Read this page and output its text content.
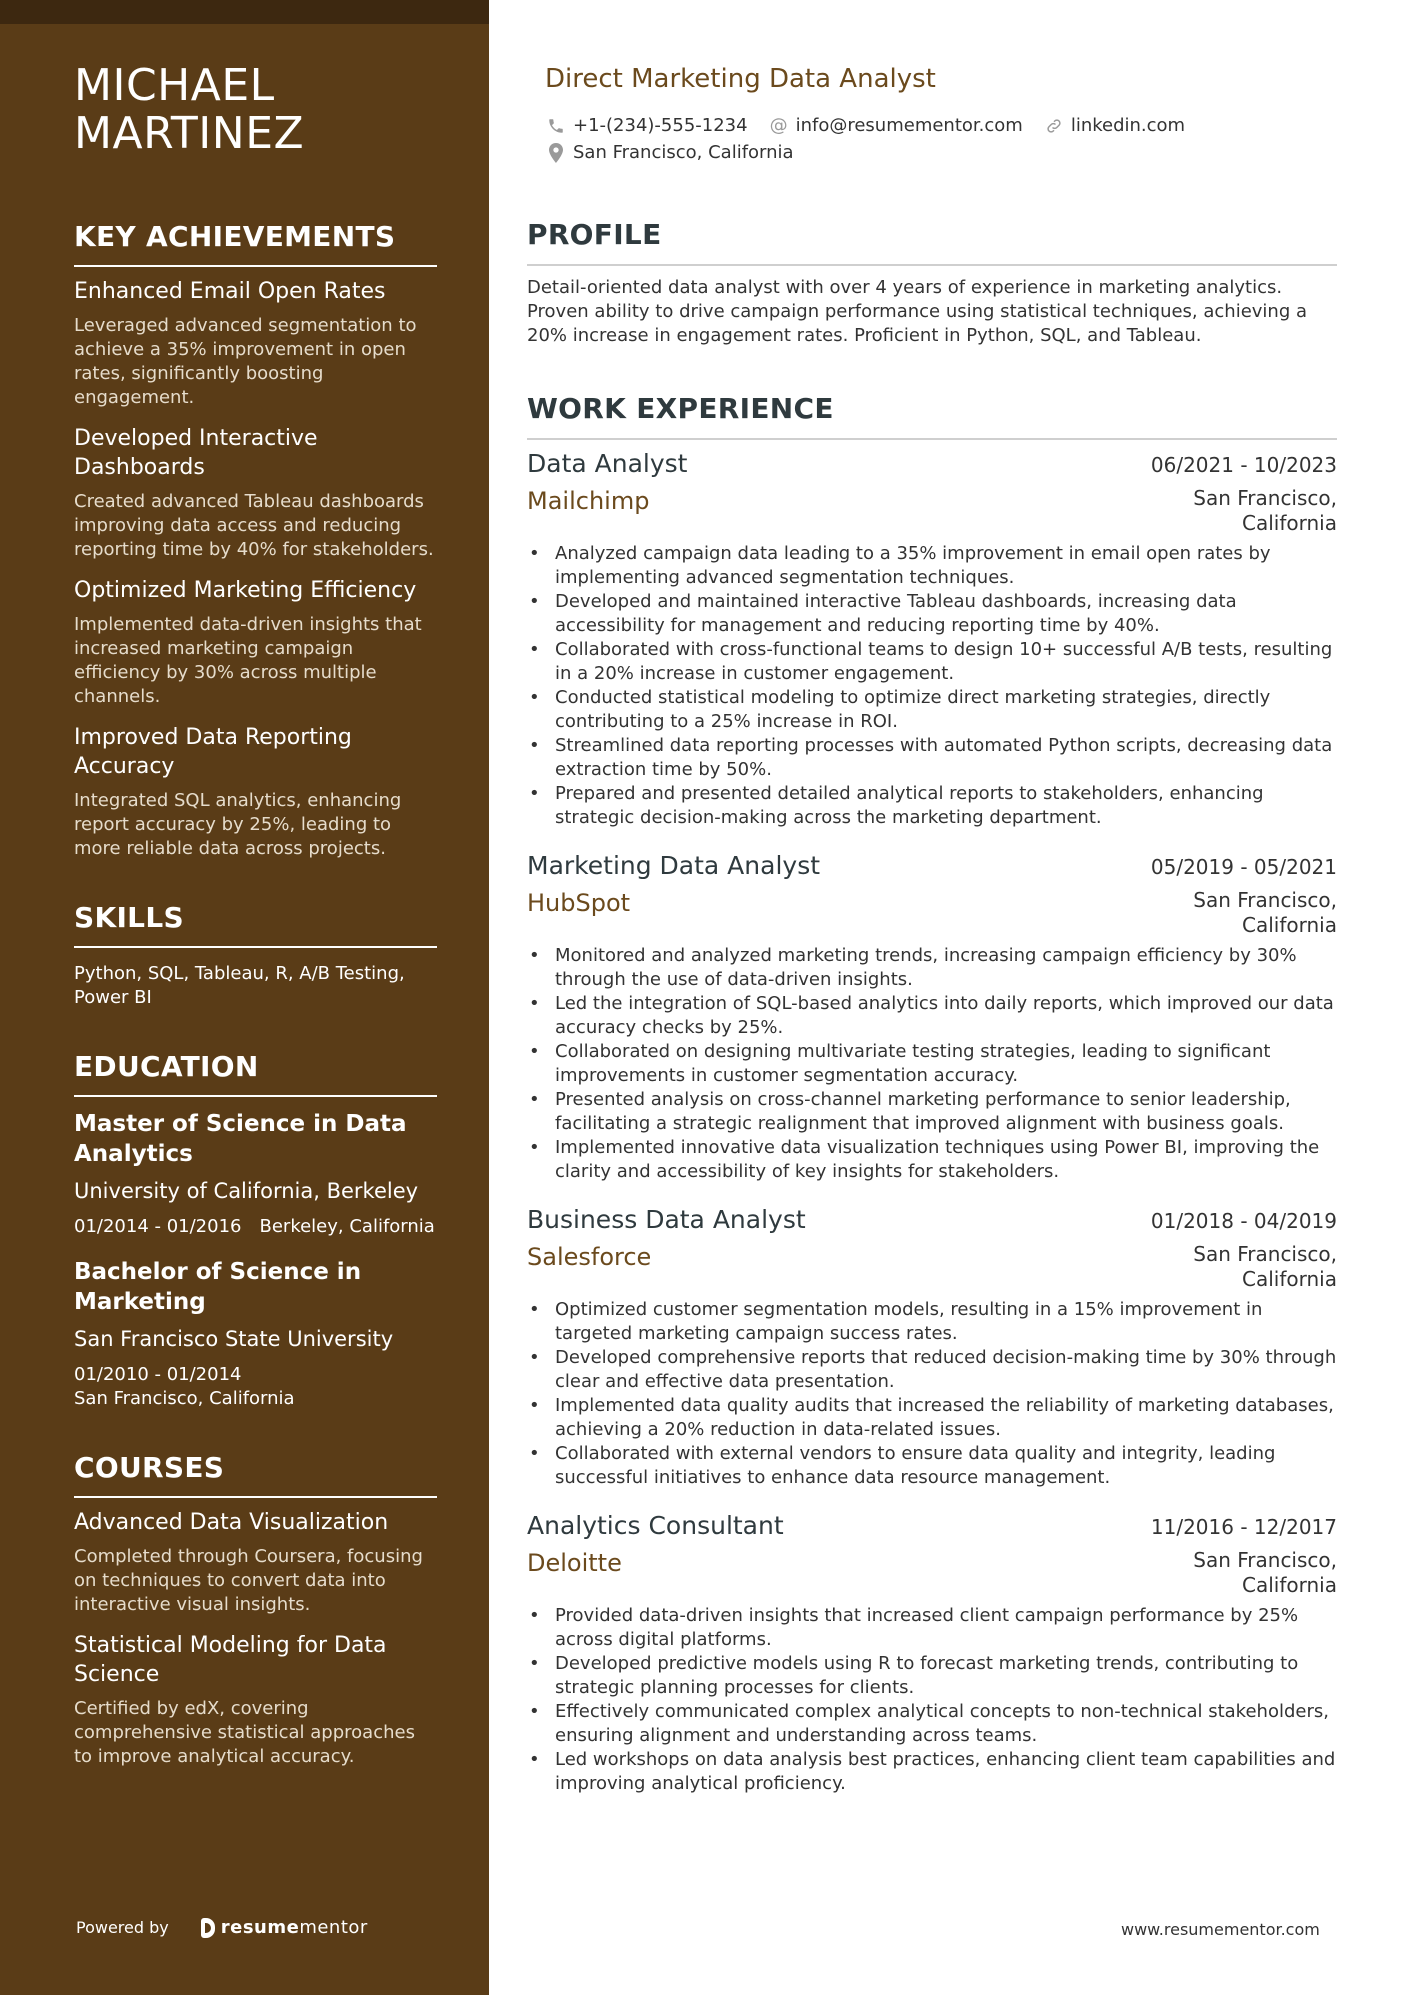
MICHAEL
MARTINEZ
KEY ACHIEVEMENTS
Enhanced Email Open Rates
Leveraged advanced segmentation to achieve a 35% improvement in open rates, significantly boosting engagement.
Developed Interactive Dashboards
Created advanced Tableau dashboards improving data access and reducing reporting time by 40% for stakeholders.
Optimized Marketing Efficiency
Implemented data-driven insights that increased marketing campaign efficiency by 30% across multiple channels.
Improved Data Reporting Accuracy
Integrated SQL analytics, enhancing report accuracy by 25%, leading to more reliable data across projects.
SKILLS
Python, SQL, Tableau, R, A/B Testing, Power BI
EDUCATION
Master of Science in Data Analytics
University of California, Berkeley
01/2014 - 01/2016 Berkeley, California
Bachelor of Science in Marketing
San Francisco State University
01/2010 - 01/2014
San Francisco, California
COURSES
Advanced Data Visualization
Completed through Coursera, focusing on techniques to convert data into interactive visual insights.
Statistical Modeling for Data Science
Certified by edX, covering comprehensive statistical approaches to improve analytical accuracy.
Powered by	resume mentor
Direct Marketing Data Analyst
+1-(234)-555-1234 @ info@resumementor.com	linkedin.com
San Francisco, California
PROFILE

Detail-oriented data analyst with over 4 years of experience in marketing analytics. Proven ability to drive campaign performance using statistical techniques, achieving a 20% increase in engagement rates. Proficient in Python, SQL, and Tableau.

WORK EXPERIENCE
Data Analyst	06/2021 - 10/2023
Mailchimp	San Francisco,
California
• Analyzed campaign data leading to a 35% improvement in email open rates by implementing advanced segmentation techniques.
• Developed and maintained interactive Tableau dashboards, increasing data accessibility for management and reducing reporting time by 40%.
• Collaborated with cross-functional teams to design 10+ successful A/B tests, resulting in a 20% increase in customer engagement.
• Conducted statistical modeling to optimize direct marketing strategies, directly contributing to a 25% increase in ROI.
• Streamlined data reporting processes with automated Python scripts, decreasing data extraction time by 50%.
• Prepared and presented detailed analytical reports to stakeholders, enhancing strategic decision-making across the marketing department.
Marketing Data Analyst	05/2019 - 05/2021
HubSpot	San Francisco,
California
• Monitored and analyzed marketing trends, increasing campaign efficiency by 30% through the use of data-driven insights.
• Led the integration of SQL-based analytics into daily reports, which improved our data accuracy checks by 25%.
• Collaborated on designing multivariate testing strategies, leading to significant improvements in customer segmentation accuracy.
• Presented analysis on cross-channel marketing performance to senior leadership, facilitating a strategic realignment that improved alignment with business goals.
• Implemented innovative data visualization techniques using Power BI, improving the clarity and accessibility of key insights for stakeholders.
Business Data Analyst	01/2018 - 04/2019
Salesforce	San Francisco,
California
• Optimized customer segmentation models, resulting in a 15% improvement in targeted marketing campaign success rates.
• Developed comprehensive reports that reduced decision-making time by 30% through clear and effective data presentation.
• Implemented data quality audits that increased the reliability of marketing databases, achieving a 20% reduction in data-related issues.
• Collaborated with external vendors to ensure data quality and integrity, leading successful initiatives to enhance data resource management.
Analytics Consultant	11/2016 - 12/2017
Deloitte	San Francisco,
California
• Provided data-driven insights that increased client campaign performance by 25% across digital platforms.
• Developed predictive models using R to forecast marketing trends, contributing to strategic planning processes for clients.
• Effectively communicated complex analytical concepts to non-technical stakeholders, ensuring alignment and understanding across teams.
• Led workshops on data analysis best practices, enhancing client team capabilities and improving analytical proficiency.
www.resumementor.com
